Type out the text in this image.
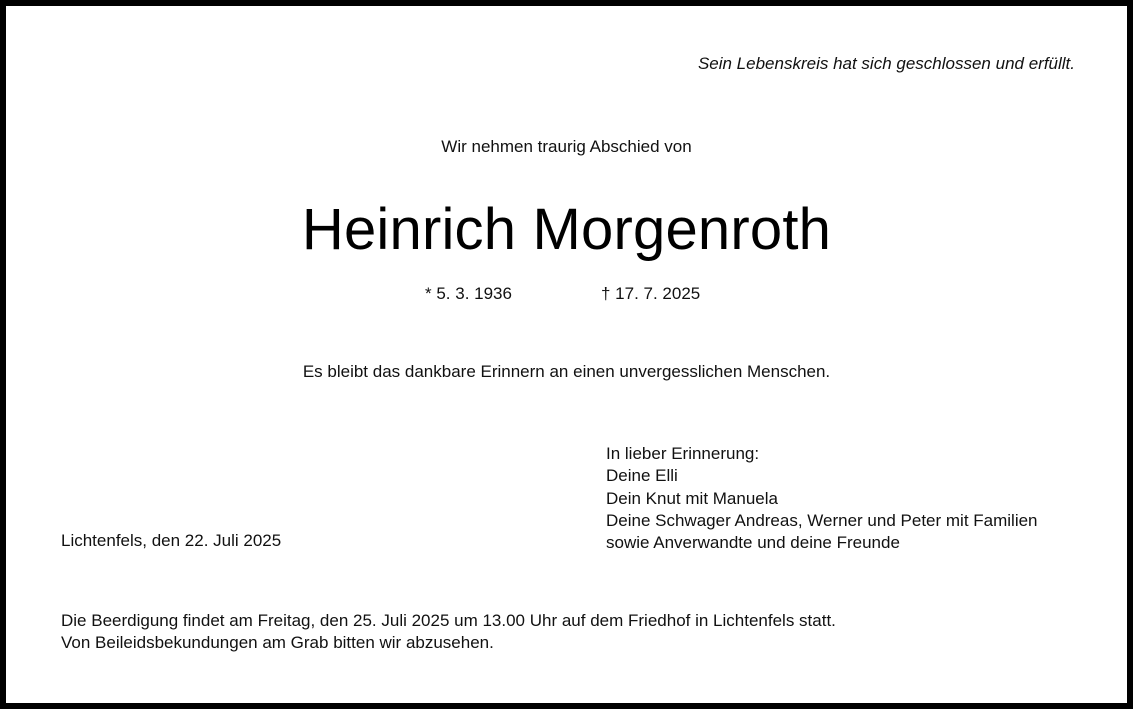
Sein Lebenskreis hat sich geschlossen und erfüllt.
Wir nehmen traurig Abschied von
Heinrich Morgenroth
* 5. 3. 1936	† 17. 7. 2025
Es bleibt das dankbare Erinnern an einen unvergesslichen Menschen.
In lieber Erinnerung:
Deine Elli
Dein Knut mit Manuela
Deine Schwager Andreas, Werner und Peter mit Familien
sowie Anverwandte und deine Freunde
Lichtenfels, den 22. Juli 2025
Die Beerdigung findet am Freitag, den 25. Juli 2025 um 13.00 Uhr auf dem Friedhof in Lichtenfels statt.
Von Beileidsbekundungen am Grab bitten wir abzusehen.
